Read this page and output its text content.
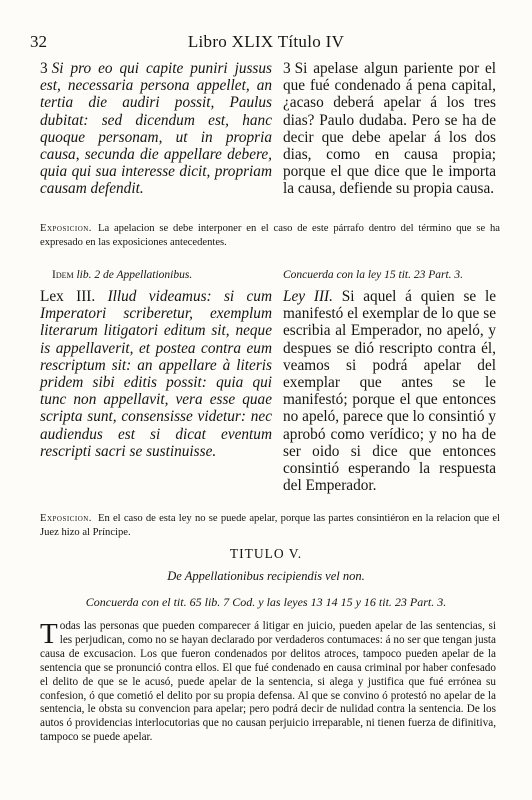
32	Libro XLIX Título IV

3 Si pro eo qui capite puniri jussus est, necessaria persona appellet, an tertia die audiri possit, Paulus dubitat: sed dicendum est, hanc quoque personam, ut in propria causa, secunda die appellare debere, quia qui sua interesse dicit, propriam causam defendit.

3 Si apelase algun pariente por el que fué condenado á pena capital, ¿acaso deberá apelar á los tres dias? Paulo dudaba. Pero se ha de decir que debe apelar á los dos dias, como en causa propia; porque el que dice que le importa la causa, defiende su propia causa.

Exposicion. La apelacion se debe interponer en el caso de este párrafo dentro del término que se ha expresado en las exposiciones antecedentes.
Idem lib. 2 de Appellationibus.	Concuerda con la ley 15 tit. 23 Part. 3.

Lex III. Illud videamus: si cum Imperatori scriberetur, exemplum literarum litigatori editum sit, neque is appellaverit, et postea contra eum rescriptum sit: an appellare à literis pridem sibi editis possit: quia qui tunc non appellavit, vera esse quae scripta sunt, consensisse videtur: nec audiendus est si dicat eventum rescripti sacri se sustinuisse.

Ley III. Si aquel á quien se le manifestó el exemplar de lo que se escribia al Emperador, no apeló, y despues se dió rescripto contra él, veamos si podrá apelar del exemplar que antes se le manifestó; porque el que entonces no apeló, parece que lo consintió y aprobó como verídico; y no ha de ser oido si dice que entonces consintió esperando la respuesta del Emperador.

Exposicion. En el caso de esta ley no se puede apelar, porque las partes consintiéron en la relacion que el Juez hizo al Príncipe.
TITULO V.
De Appellationibus recipiendis vel non.
Concuerda con el tit. 65 lib. 7 Cod. y las leyes 13 14 15 y 16 tit. 23 Part. 3.

Todas las personas que pueden comparecer á litigar en juicio, pueden apelar de las sentencias, si les perjudican, como no se hayan declarado por verdaderos contumaces: á no ser que tengan justa causa de excusacion. Los que fueron condenados por delitos atroces, tampoco pueden apelar de la sentencia que se pronunció contra ellos. El que fué condenado en causa criminal por haber confesado el delito de que se le acusó, puede apelar de la sentencia, si alega y justifica que fué errónea su confesion, ó que cometió el delito por su propia defensa. Al que se convino ó protestó no apelar de la sentencia, le obsta su convencion para apelar; pero podrá decir de nulidad contra la sentencia. De los autos ó providencias interlocutorias que no causan perjuicio irreparable, ni tienen fuerza de difinitiva, tampoco se puede apelar.
